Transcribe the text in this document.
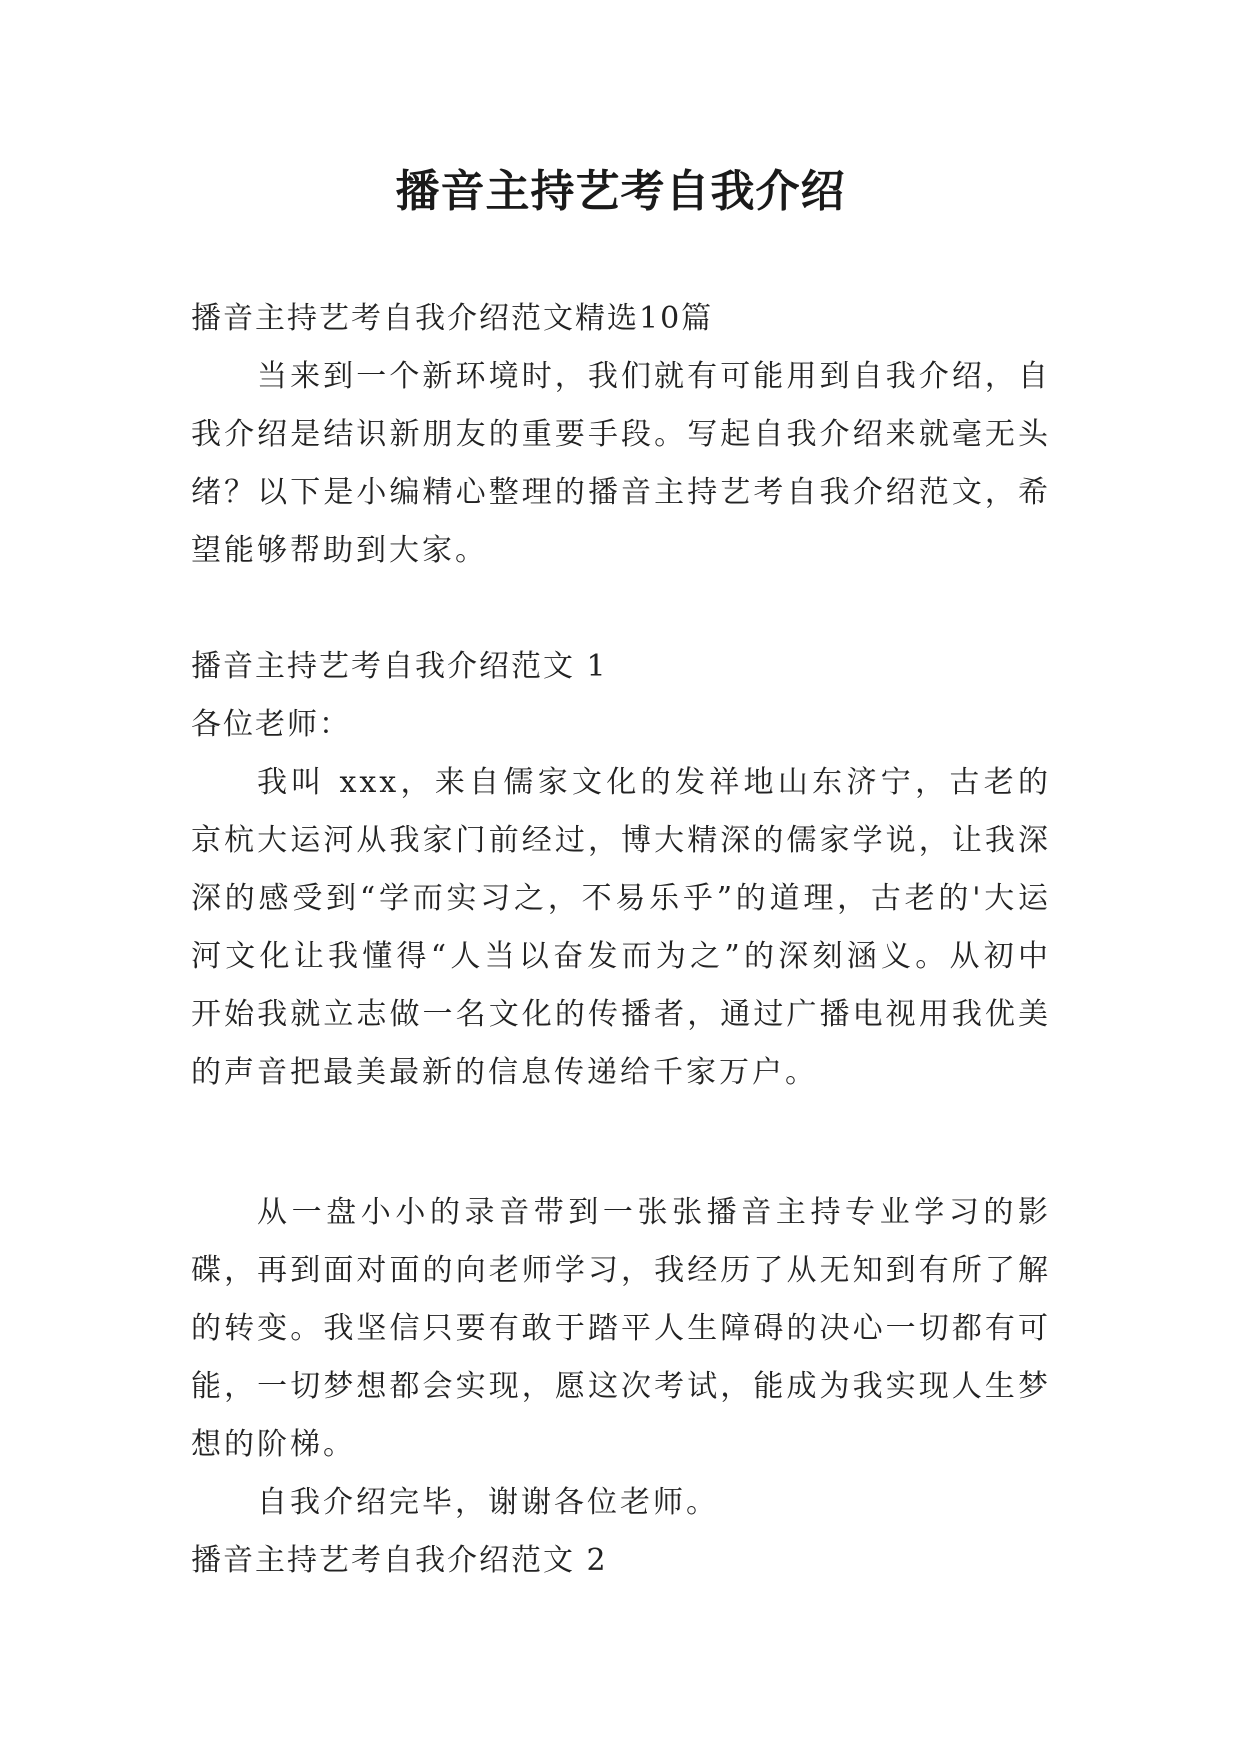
播音主持艺考自我介绍

播音主持艺考自我介绍范文精选10篇

当来到一个新环境时，我们就有可能用到自我介绍，自我介绍是结识新朋友的重要手段。写起自我介绍来就毫无头绪？以下是小编精心整理的播音主持艺考自我介绍范文，希望能够帮助到大家。

播音主持艺考自我介绍范文 1

各位老师：

我叫 xxx，来自儒家文化的发祥地山东济宁，古老的京杭大运河从我家门前经过，博大精深的儒家学说，让我深深的感受到“学而实习之，不易乐乎”的道理，古老的'大运河文化让我懂得“人当以奋发而为之”的深刻涵义。从初中开始我就立志做一名文化的传播者，通过广播电视用我优美的声音把最美最新的信息传递给千家万户。

从一盘小小的录音带到一张张播音主持专业学习的影碟，再到面对面的向老师学习，我经历了从无知到有所了解的转变。我坚信只要有敢于踏平人生障碍的决心一切都有可能，一切梦想都会实现，愿这次考试，能成为我实现人生梦想的阶梯。

自我介绍完毕，谢谢各位老师。

播音主持艺考自我介绍范文 2
